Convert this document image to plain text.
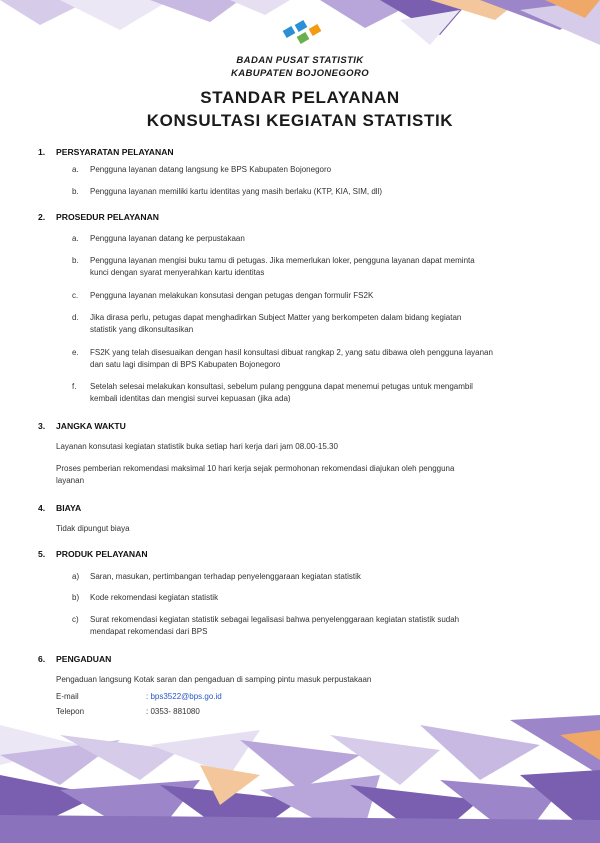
BADAN PUSAT STATISTIK
KABUPATEN BOJONEGORO
STANDAR PELAYANAN
KONSULTASI KEGIATAN STATISTIK
1. PERSYARATAN PELAYANAN
a. Pengguna layanan datang langsung ke BPS Kabupaten Bojonegoro
b. Pengguna layanan memiliki kartu identitas yang masih berlaku (KTP, KIA, SIM, dll)
2. PROSEDUR PELAYANAN
a. Pengguna layanan datang ke perpustakaan
b. Pengguna layanan mengisi buku tamu di petugas. Jika memerlukan loker, pengguna layanan dapat meminta
kunci dengan syarat menyerahkan kartu identitas
c. Pengguna layanan melakukan konsutasi dengan petugas dengan formulir FS2K
d. Jika dirasa perlu, petugas dapat menghadirkan Subject Matter yang berkompeten dalam bidang kegiatan
statistik yang dikonsultasikan
e. FS2K yang telah disesuaikan dengan hasil konsultasi dibuat rangkap 2, yang satu dibawa oleh pengguna layanan
dan satu lagi disimpan di BPS Kabupaten Bojonegoro
f. Setelah selesai melakukan konsultasi, sebelum pulang pengguna dapat menemui petugas untuk mengambil
kembali identitas dan mengisi survei kepuasan (jika ada)
3. JANGKA WAKTU
Layanan konsutasi kegiatan statistik buka setiap hari kerja dari jam 08.00-15.30
Proses pemberian rekomendasi maksimal 10 hari kerja sejak permohonan rekomendasi diajukan oleh pengguna
layanan
4. BIAYA
Tidak dipungut biaya
5. PRODUK PELAYANAN
a) Saran, masukan, pertimbangan terhadap penyelenggaraan kegiatan statistik
b) Kode rekomendasi kegiatan statistik
c) Surat rekomendasi kegiatan statistik sebagai legalisasi bahwa penyelenggaraan kegiatan statistik sudah
mendapat rekomendasi dari BPS
6. PENGADUAN
Pengaduan langsung Kotak saran dan pengaduan di samping pintu masuk perpustakaan
E-mail	: bps3522@bps.go.id
Telepon	: 0353- 881080
